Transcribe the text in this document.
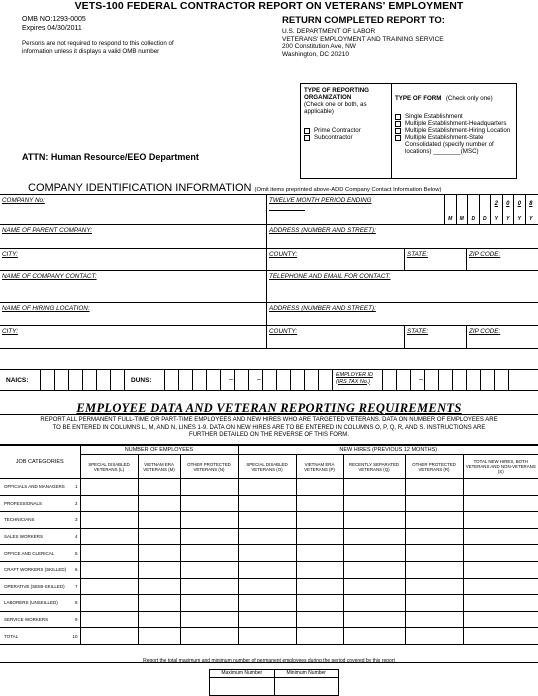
VETS-100 FEDERAL CONTRACTOR REPORT ON VETERANS' EMPLOYMENT
OMB NO:1293-0005
Expires 04/30/2011
Persons are not required to respond to this collection of
information unless it displays a valid OMB number
RETURN COMPLETED REPORT TO:
U.S. DEPARTMENT OF LABOR
VETERANS' EMPLOYMENT AND TRAINING SERVICE
200 Constitution Ave, NW
Washington, DC 20210
TYPE OF REPORTING ORGANIZATION
(Check one or both, as applicable)
Prime Contractor
Subcontractor
TYPE OF FORM (Check only one)
Single Establishment
Multiple Establishment-Headquarters
Multiple Establishment-Hiring Location
Multiple Establishment-State Consolidated (specify number of locations) ________(MSC)
ATTN: Human Resource/EEO Department
COMPANY IDENTIFICATION INFORMATION (Omit items preprinted above-ADD Company Contact Information Below)
COMPANY No:	TWELVE MONTH PERIOD ENDING
M	M	D	D
2
Y
0
Y
0
Y
8
Y
NAME OF PARENT COMPANY:	ADDRESS (NUMBER AND STREET):
CITY:	COUNTY:	STATE:	ZIP CODE:
NAME OF COMPANY CONTACT:	TELEPHONE AND EMAIL FOR CONTACT:
NAME OF HIRING LOCATION:	ADDRESS (NUMBER AND STREET):
CITY:	COUNTY:	STATE:	ZIP CODE:
NAICS:	DUNS:
EMPLOYER ID (IRS TAX No.)
–	–	–
EMPLOYEE DATA AND VETERAN REPORTING REQUIREMENTS
REPORT ALL PERMANENT FULL-TIME OR PART-TIME EMPLOYEES AND NEW HIRES WHO ARE TARGETED VETERANS. DATA ON NUMBER OF EMPLOYEES ARE
TO BE ENTERED IN COLUMNS L, M, AND N, LINES 1-9. DATA ON NEW HIRES ARE TO BE ENTERED IN COLUMNS O, P, Q, R, AND S. INSTRUCTIONS ARE
FURTHER DETAILED ON THE REVERSE OF THIS FORM.
JOB CATEGORIES		NUMBER OF EMPLOYEES			NEW HIRES (PREVIOUS 12 MONTHS)				
		SPECIAL DISABLED VETERANS (L)	VIETNAM ERA VETERANS (M)	OTHER PROTECTED VETERANS (N)	SPECIAL DISABLED VETERANS (O)	VIETNAM ERA VETERANS (P)	RECENTLY SEPARATED VETERANS (Q)	OTHER PROTECTED VETERANS (R)	TOTAL NEW HIRES, BOTH VETERANS AND NON-VETERANS (S)
OFFICIALS AND MANAGERS	1								
PROFESSIONALS	2								
TECHNICIANS	3								
SALES WORKERS	4								
OFFICE AND CLERICAL	5								
CRAFT WORKERS (SKILLED)	6								
OPERATIVE (SEMI-SKILLED)	7								
LABORERS (UNSKILLED)	8								
SERVICE WORKERS	9								
TOTAL	10								
Report the total maximum and minimum number of permanent employees during the period covered by this report
Maximum Number	Minimum Number
